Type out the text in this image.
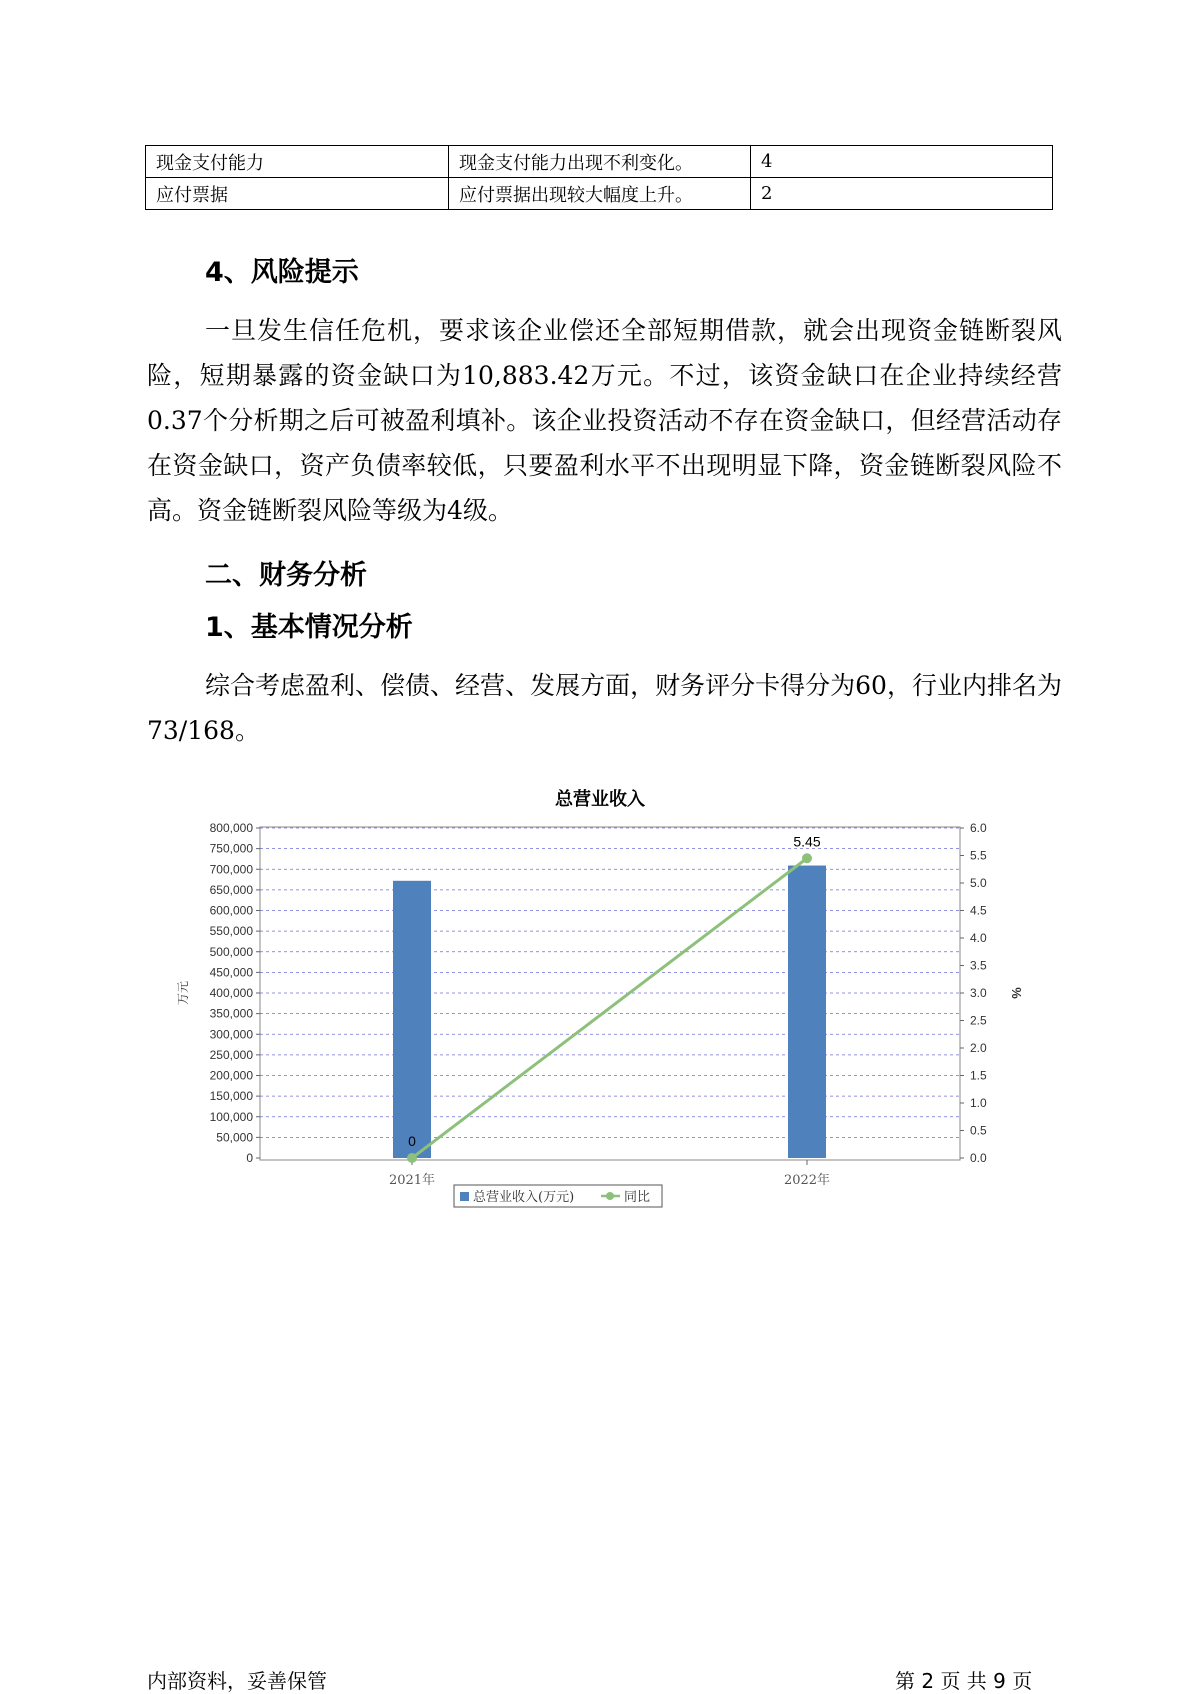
现金支付能力	现金支付能力出现不利变化。	4
应付票据	应付票据出现较大幅度上升。	2
4、风险提示

一旦发生信任危机，要求该企业偿还全部短期借款，就会出现资金链断裂风险，短期暴露的资金缺口为10,883.42万元。不过，该资金缺口在企业持续经营 0.37个分析期之后可被盈利填补。该企业投资活动不存在资金缺口，但经营活动存在资金缺口，资产负债率较低，只要盈利水平不出现明显下降，资金链断裂风险不高。资金链断裂风险等级为4级。

二、财务分析
1、基本情况分析

综合考虑盈利、偿债、经营、发展方面，财务评分卡得分为60，行业内排名为73/168。

总营业收入
0
50,000
100,000
150,000
200,000
250,000
300,000
350,000
400,000
450,000
500,000
550,000
600,000
650,000
700,000
750,000
800,000
0.0
0.5
1.0
1.5
2.0
2.5
3.0
3.5
4.0
4.5
5.0
5.5
6.0
万元	%
2021年	2022年
0
5.45
总营业收入(万元)	同比
内部资料，妥善保管	第 2 页 共 9 页
